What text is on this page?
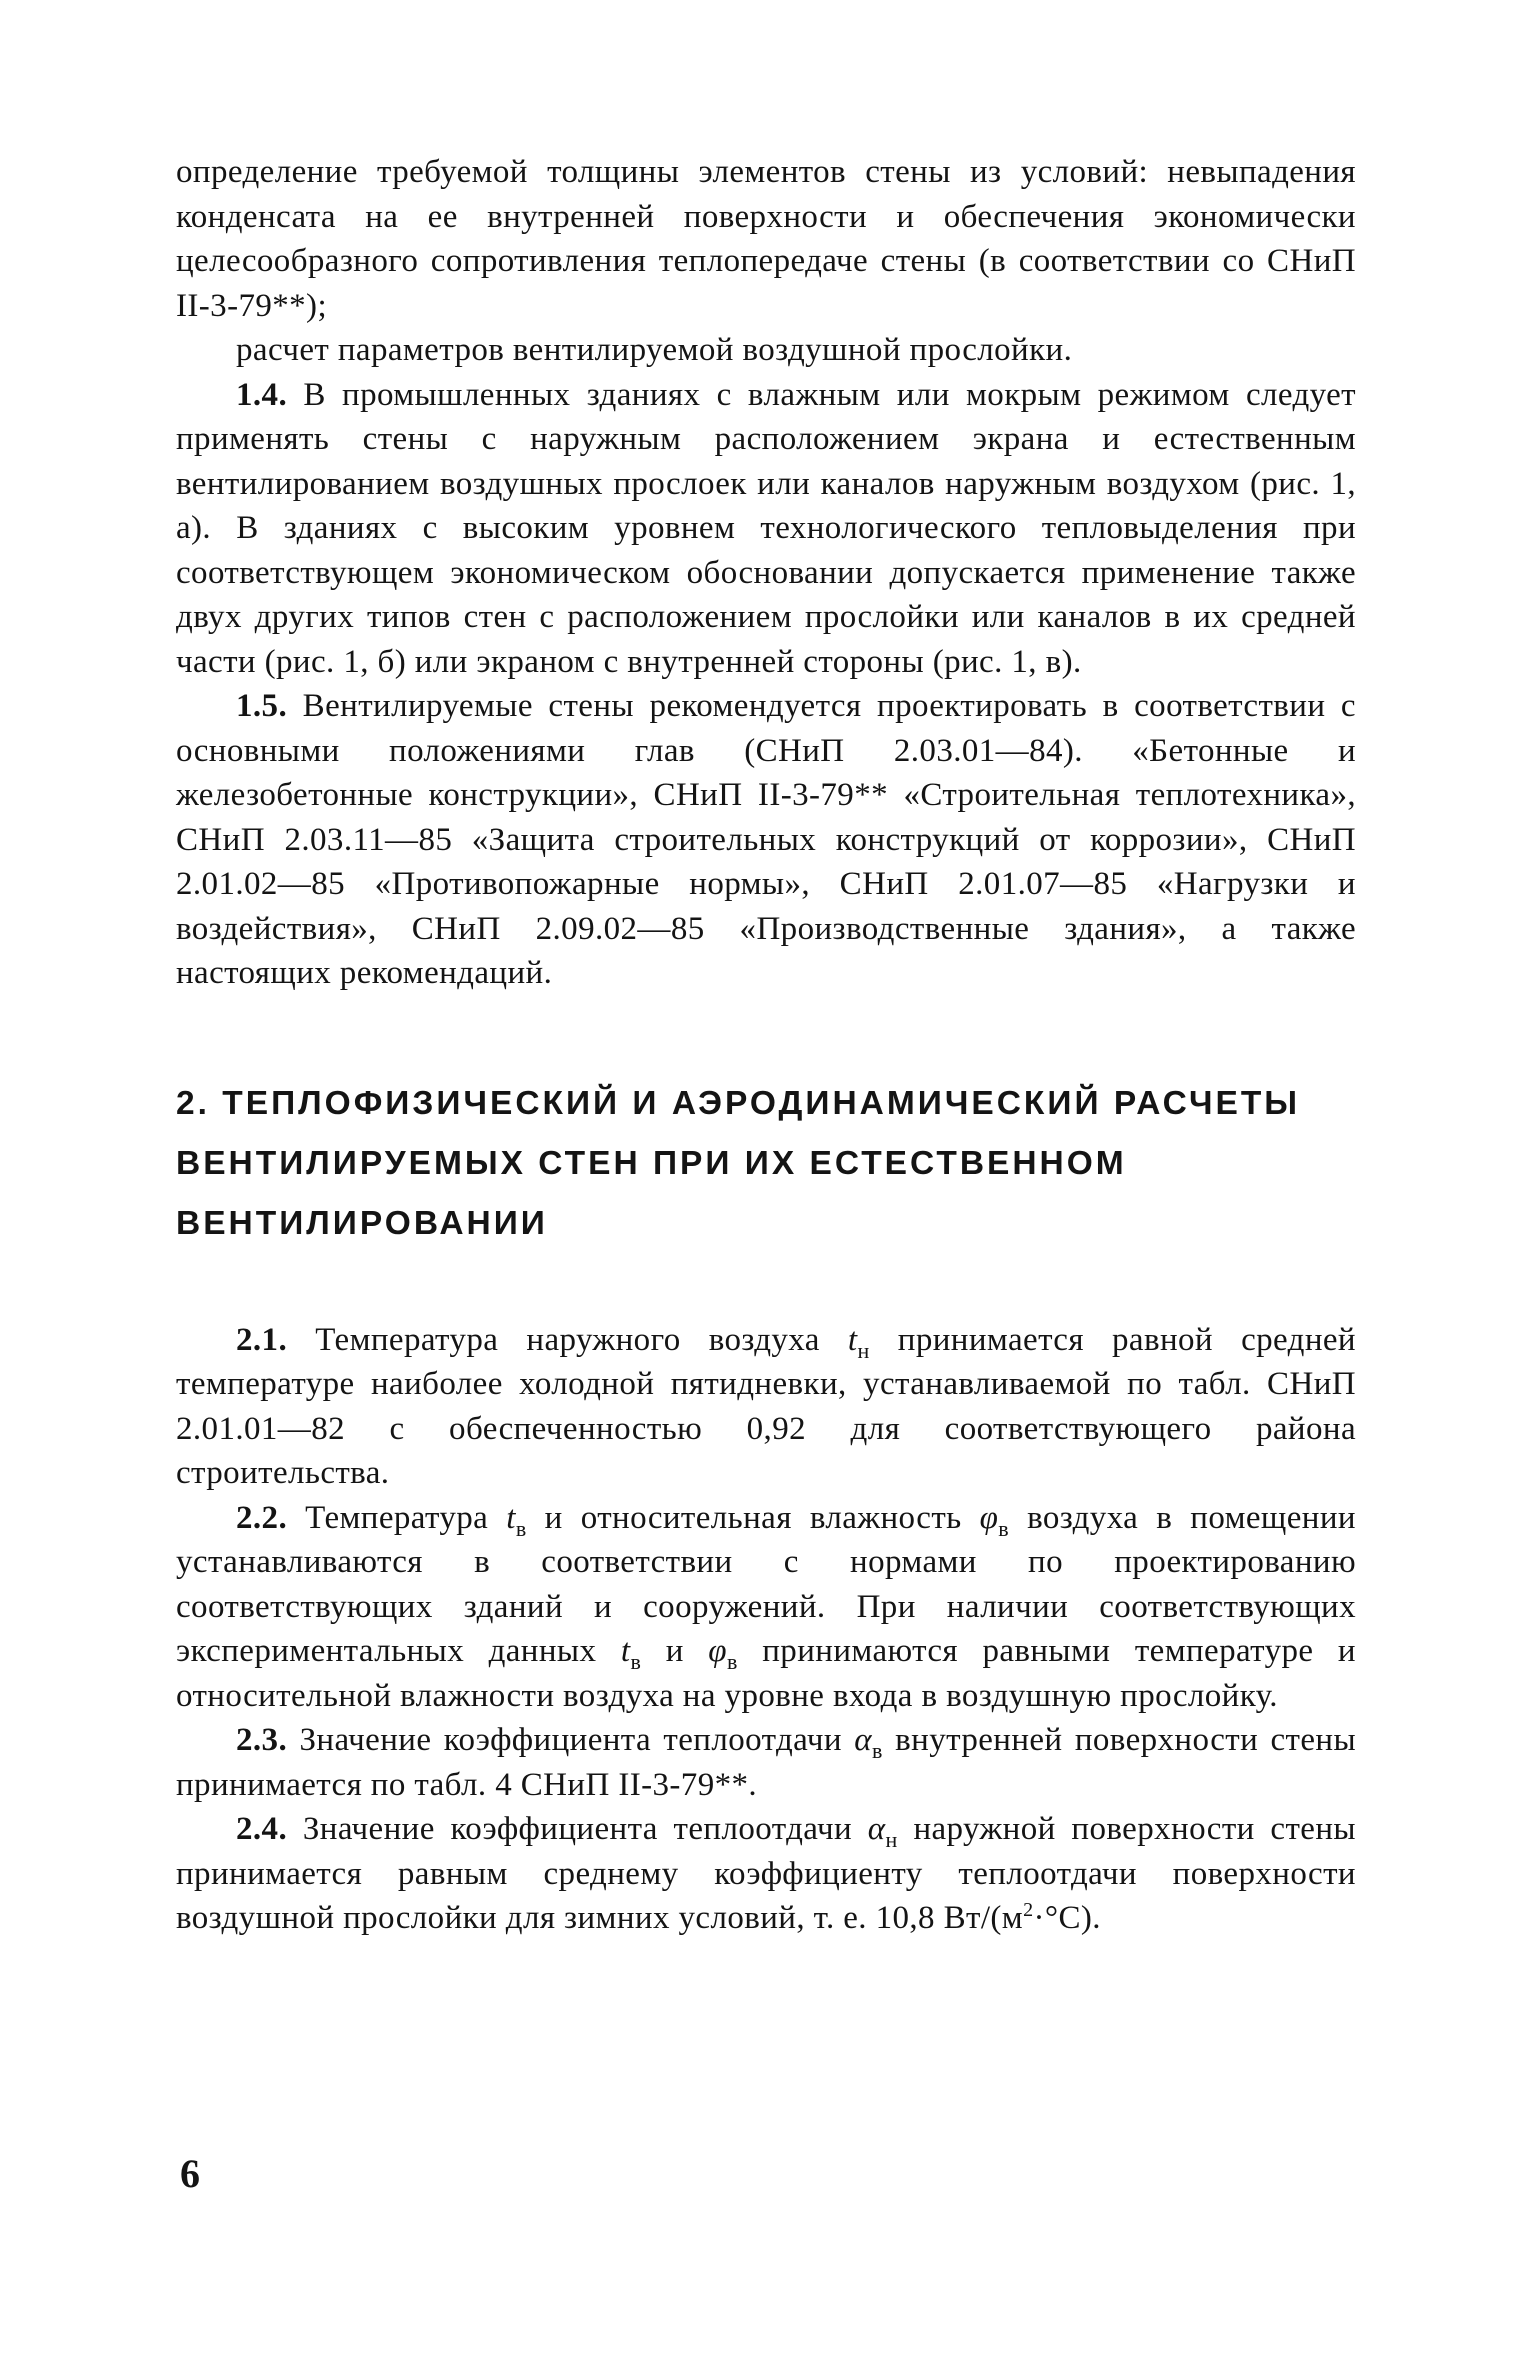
определение требуемой толщины элементов стены из условий: невыпадения конденсата на ее внутренней поверхности и обеспечения экономически целесообразного сопротивления теплопередаче стены (в соответствии со СНиП II-3-79**);

расчет параметров вентилируемой воздушной прослойки.

1.4. В промышленных зданиях с влажным или мокрым режимом следует применять стены с наружным расположением экрана и естественным вентилированием воздушных прослоек или каналов наружным воздухом (рис. 1, а). В зданиях с высоким уровнем технологического тепловыделения при соответствующем экономическом обосновании допускается применение также двух других типов стен с расположением прослойки или каналов в их средней части (рис. 1, б) или экраном с внутренней стороны (рис. 1, в).

1.5. Вентилируемые стены рекомендуется проектировать в соответствии с основными положениями глав (СНиП 2.03.01—84). «Бетонные и железобетонные конструкции», СНиП II-3-79** «Строительная теплотехника», СНиП 2.03.11—85 «Защита строительных конструкций от коррозии», СНиП 2.01.02—85 «Противопожарные нормы», СНиП 2.01.07—85 «Нагрузки и воздействия», СНиП 2.09.02—85 «Производственные здания», а также настоящих рекомендаций.

2. ТЕПЛОФИЗИЧЕСКИЙ И АЭРОДИНАМИЧЕСКИЙ РАСЧЕТЫ ВЕНТИЛИРУЕМЫХ СТЕН ПРИ ИХ ЕСТЕСТВЕННОМ ВЕНТИЛИРОВАНИИ

2.1. Температура наружного воздуха $t_н$ принимается равной средней температуре наиболее холодной пятидневки, устанавливаемой по табл. СНиП 2.01.01—82 с обеспеченностью 0,92 для соответствующего района строительства.

2.2. Температура $t_в$ и относительная влажность $\varphi_в$ воздуха в помещении устанавливаются в соответствии с нормами по проектированию соответствующих зданий и сооружений. При наличии соответствующих экспериментальных данных $t_в$ и $\varphi_в$ принимаются равными температуре и относительной влажности воздуха на уровне входа в воздушную прослойку.

2.3. Значение коэффициента теплоотдачи $\alpha_в$ внутренней поверхности стены принимается по табл. 4 СНиП II-3-79**.

2.4. Значение коэффициента теплоотдачи $\alpha_н$ наружной поверхности стены принимается равным среднему коэффициенту теплоотдачи поверхности воздушной прослойки для зимних условий, т. е. 10,8 $Вт/(м^2\cdot^\circ С)$.

6
